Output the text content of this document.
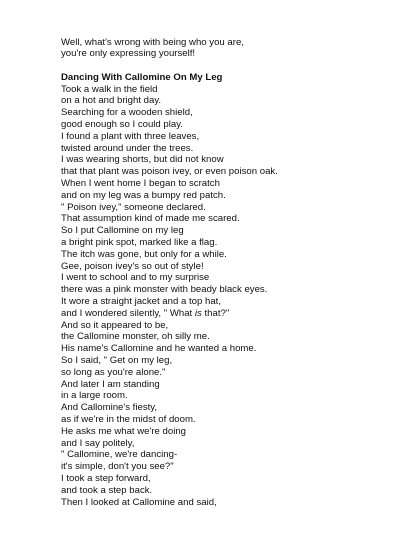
Well, what's wrong with being who you are,
you're only expressing yourself!
Dancing With Callomine On My Leg
Took a walk in the field
on a hot and bright day.
Searching for a wooden shield,
good enough so I could play.
I found a plant with three leaves,
twisted around under the trees.
I was wearing shorts, but did not know
that that plant was poison ivey, or even poison oak.
When I went home I began to scratch
and on my leg was a bumpy red patch.
" Poison ivey," someone declared.
That assumption kind of made me scared.
So I put Callomine on my leg
a bright pink spot, marked like a flag.
The itch was gone, but only for a while.
Gee, poison ivey's so out of style!
I went to school and to my surprise
there was a pink monster with beady black eyes.
It wore a straight jacket and a top hat,
and I wondered silently, " What is that?"
And so it appeared to be,
the Callomine monster, oh silly me.
His name's Callomine and he wanted a home.
So I said, " Get on my leg,
so long as you're alone."
And later I am standing
in a large room.
And Callomine's fiesty,
as if we're in the midst of doom.
He asks me what we're doing
and I say politely,
" Callomine, we're dancing-
it's simple, don't you see?"
I took a step forward,
and took a step back.
Then I looked at Callomine and said,
